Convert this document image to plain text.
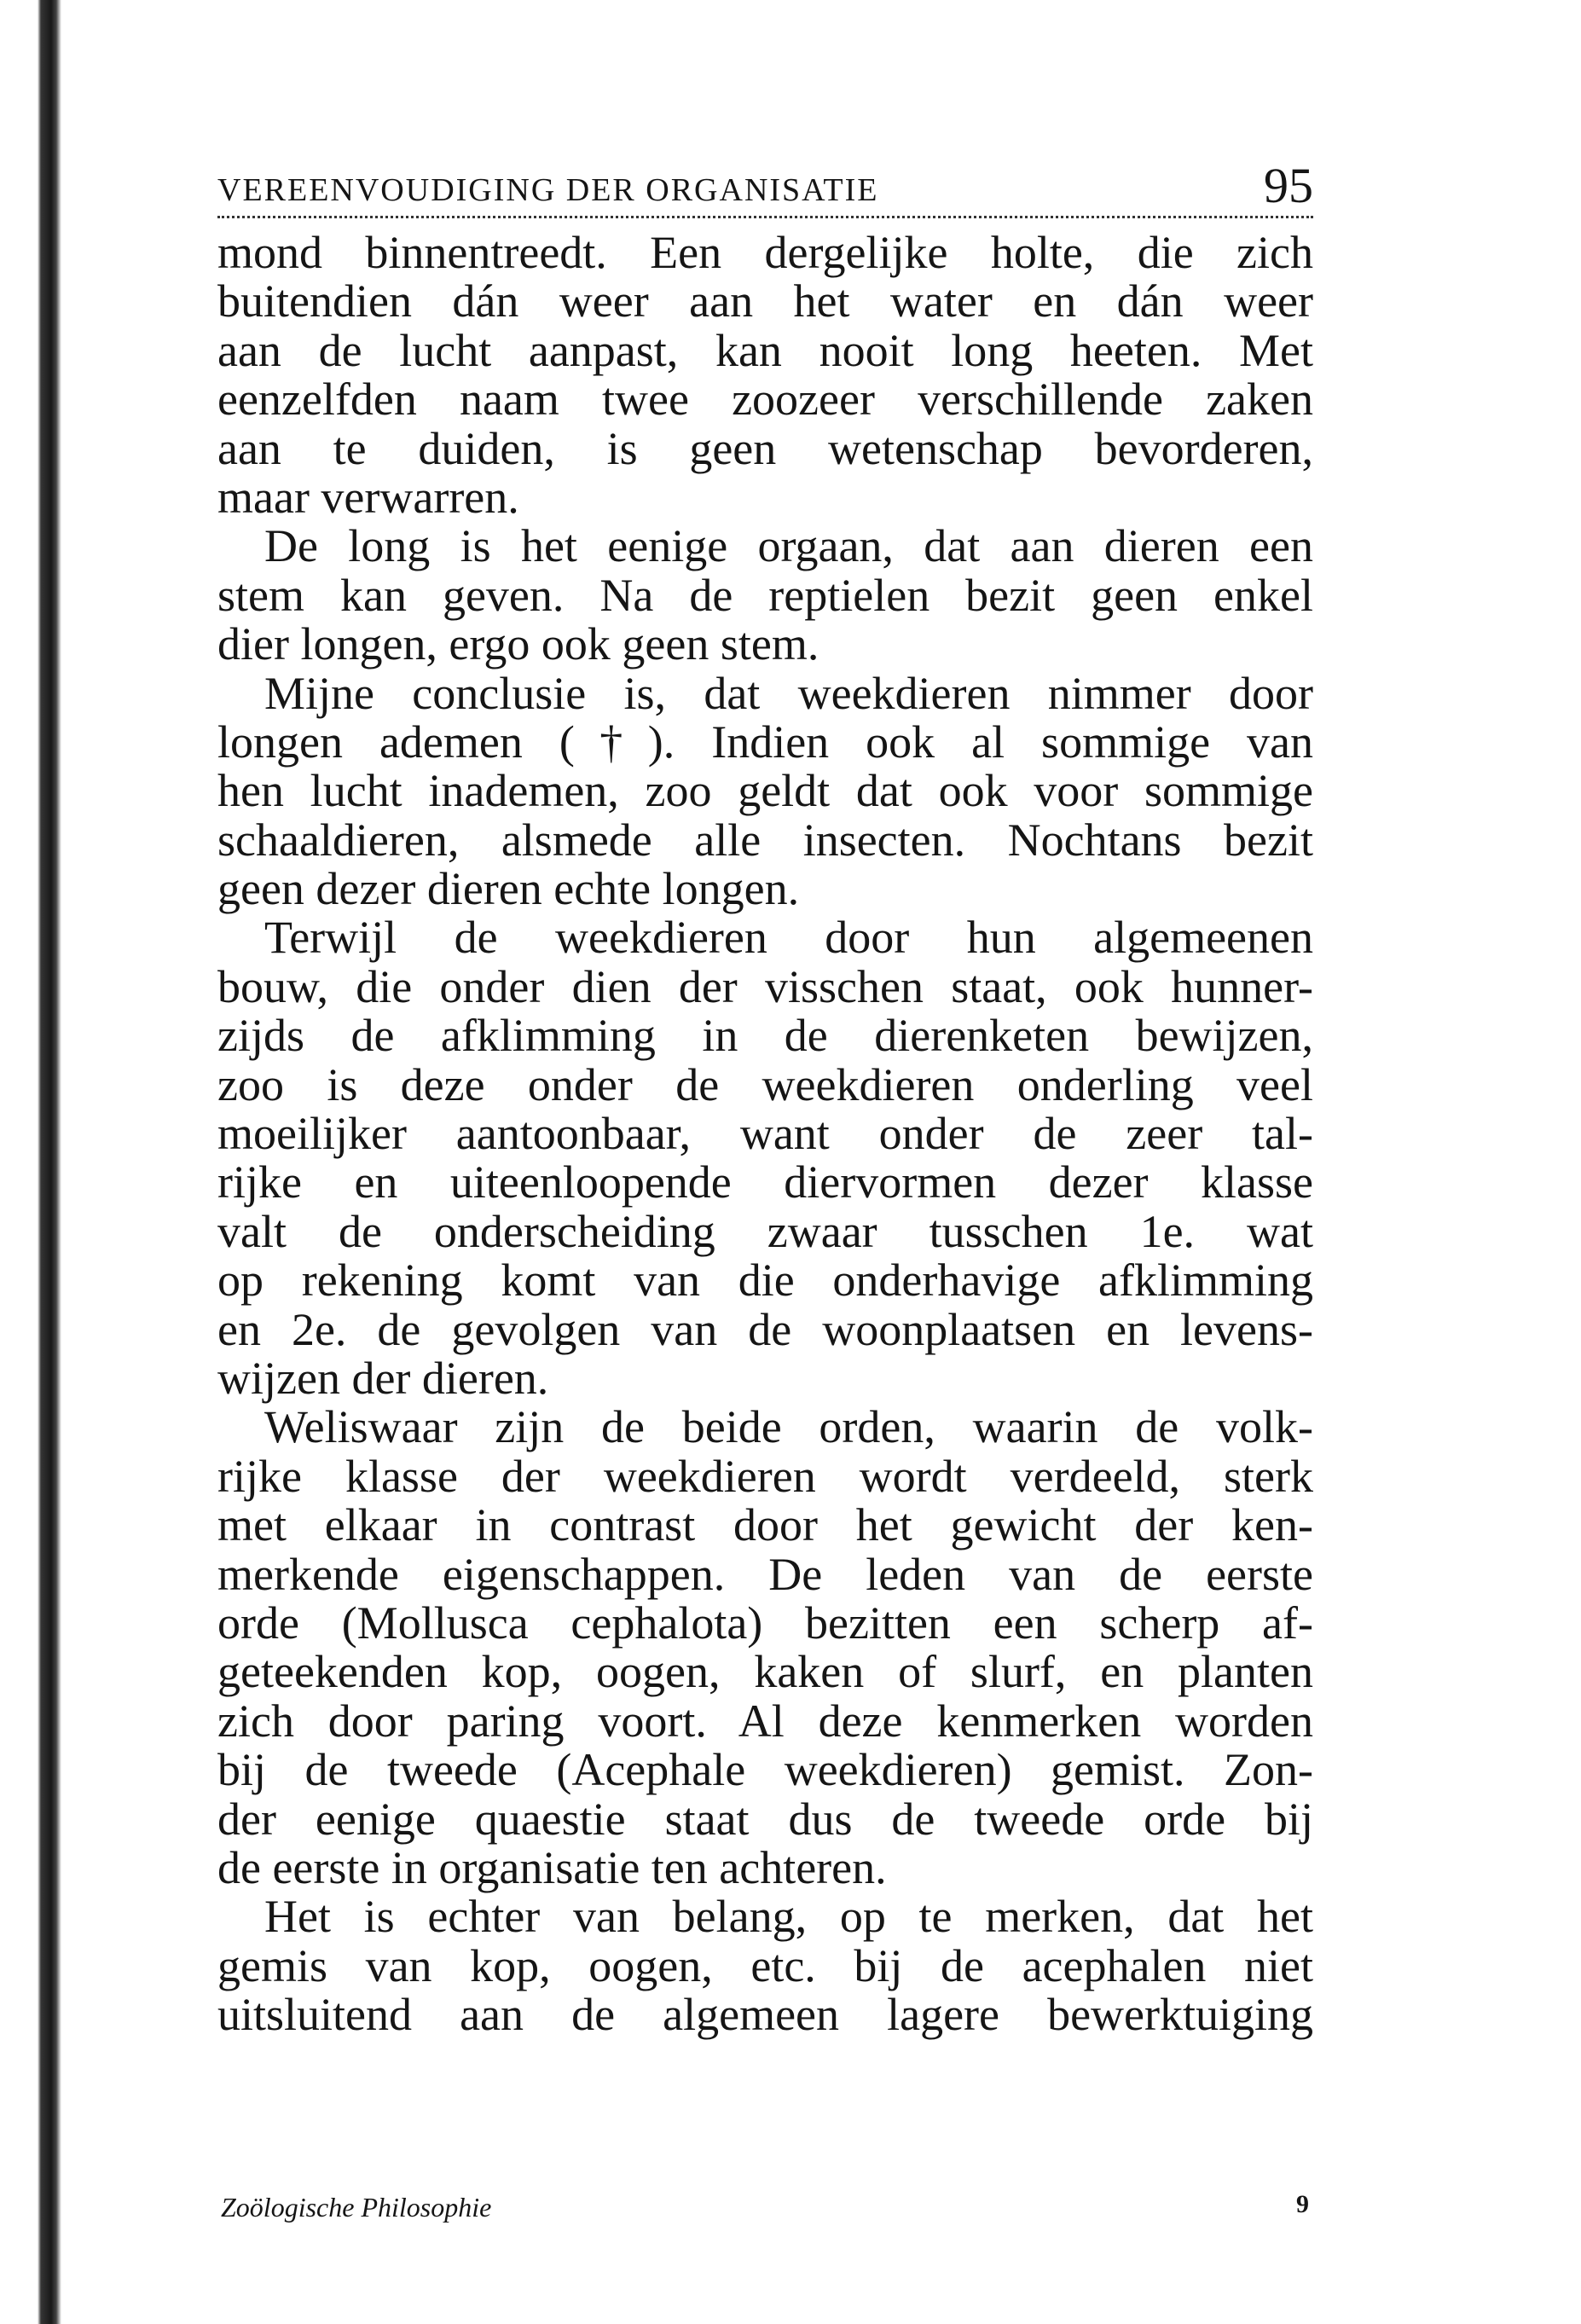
VEREENVOUDIGING DER ORGANISATIE	95
mond binnentreedt. Een dergelijke holte, die zich
buitendien dán weer aan het water en dán weer
aan de lucht aanpast, kan nooit long heeten. Met
eenzelfden naam twee zoozeer verschillende zaken
aan te duiden, is geen wetenschap bevorderen,
maar verwarren.
De long is het eenige orgaan, dat aan dieren een
stem kan geven. Na de reptielen bezit geen enkel
dier longen, ergo ook geen stem.
Mijne conclusie is, dat weekdieren nimmer door
longen ademen (†). Indien ook al sommige van
hen lucht inademen, zoo geldt dat ook voor sommige
schaaldieren, alsmede alle insecten. Nochtans bezit
geen dezer dieren echte longen.
Terwijl de weekdieren door hun algemeenen
bouw, die onder dien der visschen staat, ook hunner-
zijds de afklimming in de dierenketen bewijzen,
zoo is deze onder de weekdieren onderling veel
moeilijker aantoonbaar, want onder de zeer tal-
rijke en uiteenloopende diervormen dezer klasse
valt de onderscheiding zwaar tusschen 1e. wat
op rekening komt van die onderhavige afklimming
en 2e. de gevolgen van de woonplaatsen en levens-
wijzen der dieren.
Weliswaar zijn de beide orden, waarin de volk-
rijke klasse der weekdieren wordt verdeeld, sterk
met elkaar in contrast door het gewicht der ken-
merkende eigenschappen. De leden van de eerste
orde (Mollusca cephalota) bezitten een scherp af-
geteekenden kop, oogen, kaken of slurf, en planten
zich door paring voort. Al deze kenmerken worden
bij de tweede (Acephale weekdieren) gemist. Zon-
der eenige quaestie staat dus de tweede orde bij
de eerste in organisatie ten achteren.
Het is echter van belang, op te merken, dat het
gemis van kop, oogen, etc. bij de acephalen niet
uitsluitend aan de algemeen lagere bewerktuiging
Zoölogische Philosophie	9
